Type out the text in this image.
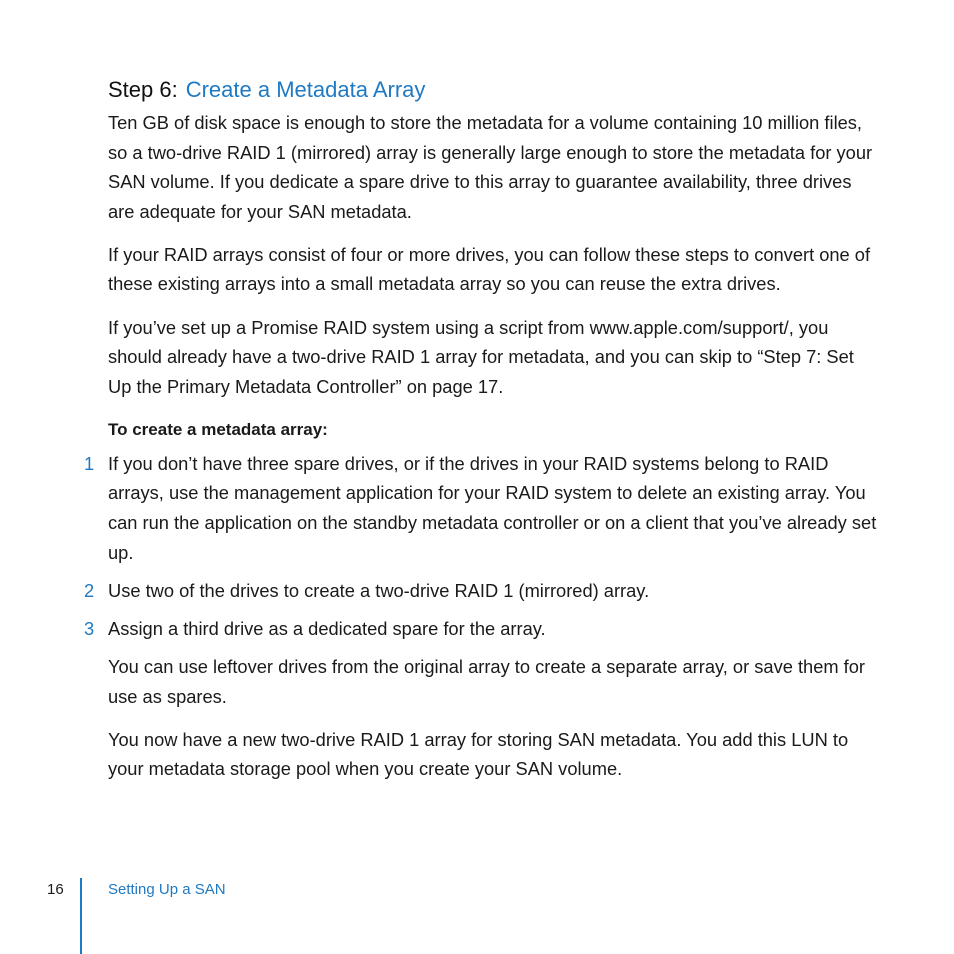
Step 6: Create a Metadata Array

Ten GB of disk space is enough to store the metadata for a volume containing 10 million files, so a two-drive RAID 1 (mirrored) array is generally large enough to store the metadata for your SAN volume. If you dedicate a spare drive to this array to guarantee availability, three drives are adequate for your SAN metadata.

If your RAID arrays consist of four or more drives, you can follow these steps to convert one of these existing arrays into a small metadata array so you can reuse the extra drives.

If you’ve set up a Promise RAID system using a script from www.apple.com/support/, you should already have a two-drive RAID 1 array for metadata, and you can skip to “Step 7: Set Up the Primary Metadata Controller” on page 17.

To create a metadata array:
1 If you don’t have three spare drives, or if the drives in your RAID systems belong to RAID arrays, use the management application for your RAID system to delete an existing array. You can run the application on the standby metadata controller or on a client that you’ve already set up.
2 Use two of the drives to create a two-drive RAID 1 (mirrored) array.
3 Assign a third drive as a dedicated spare for the array.

You can use leftover drives from the original array to create a separate array, or save them for use as spares.

You now have a new two-drive RAID 1 array for storing SAN metadata. You add this LUN to your metadata storage pool when you create your SAN volume.

16	Setting Up a SAN
